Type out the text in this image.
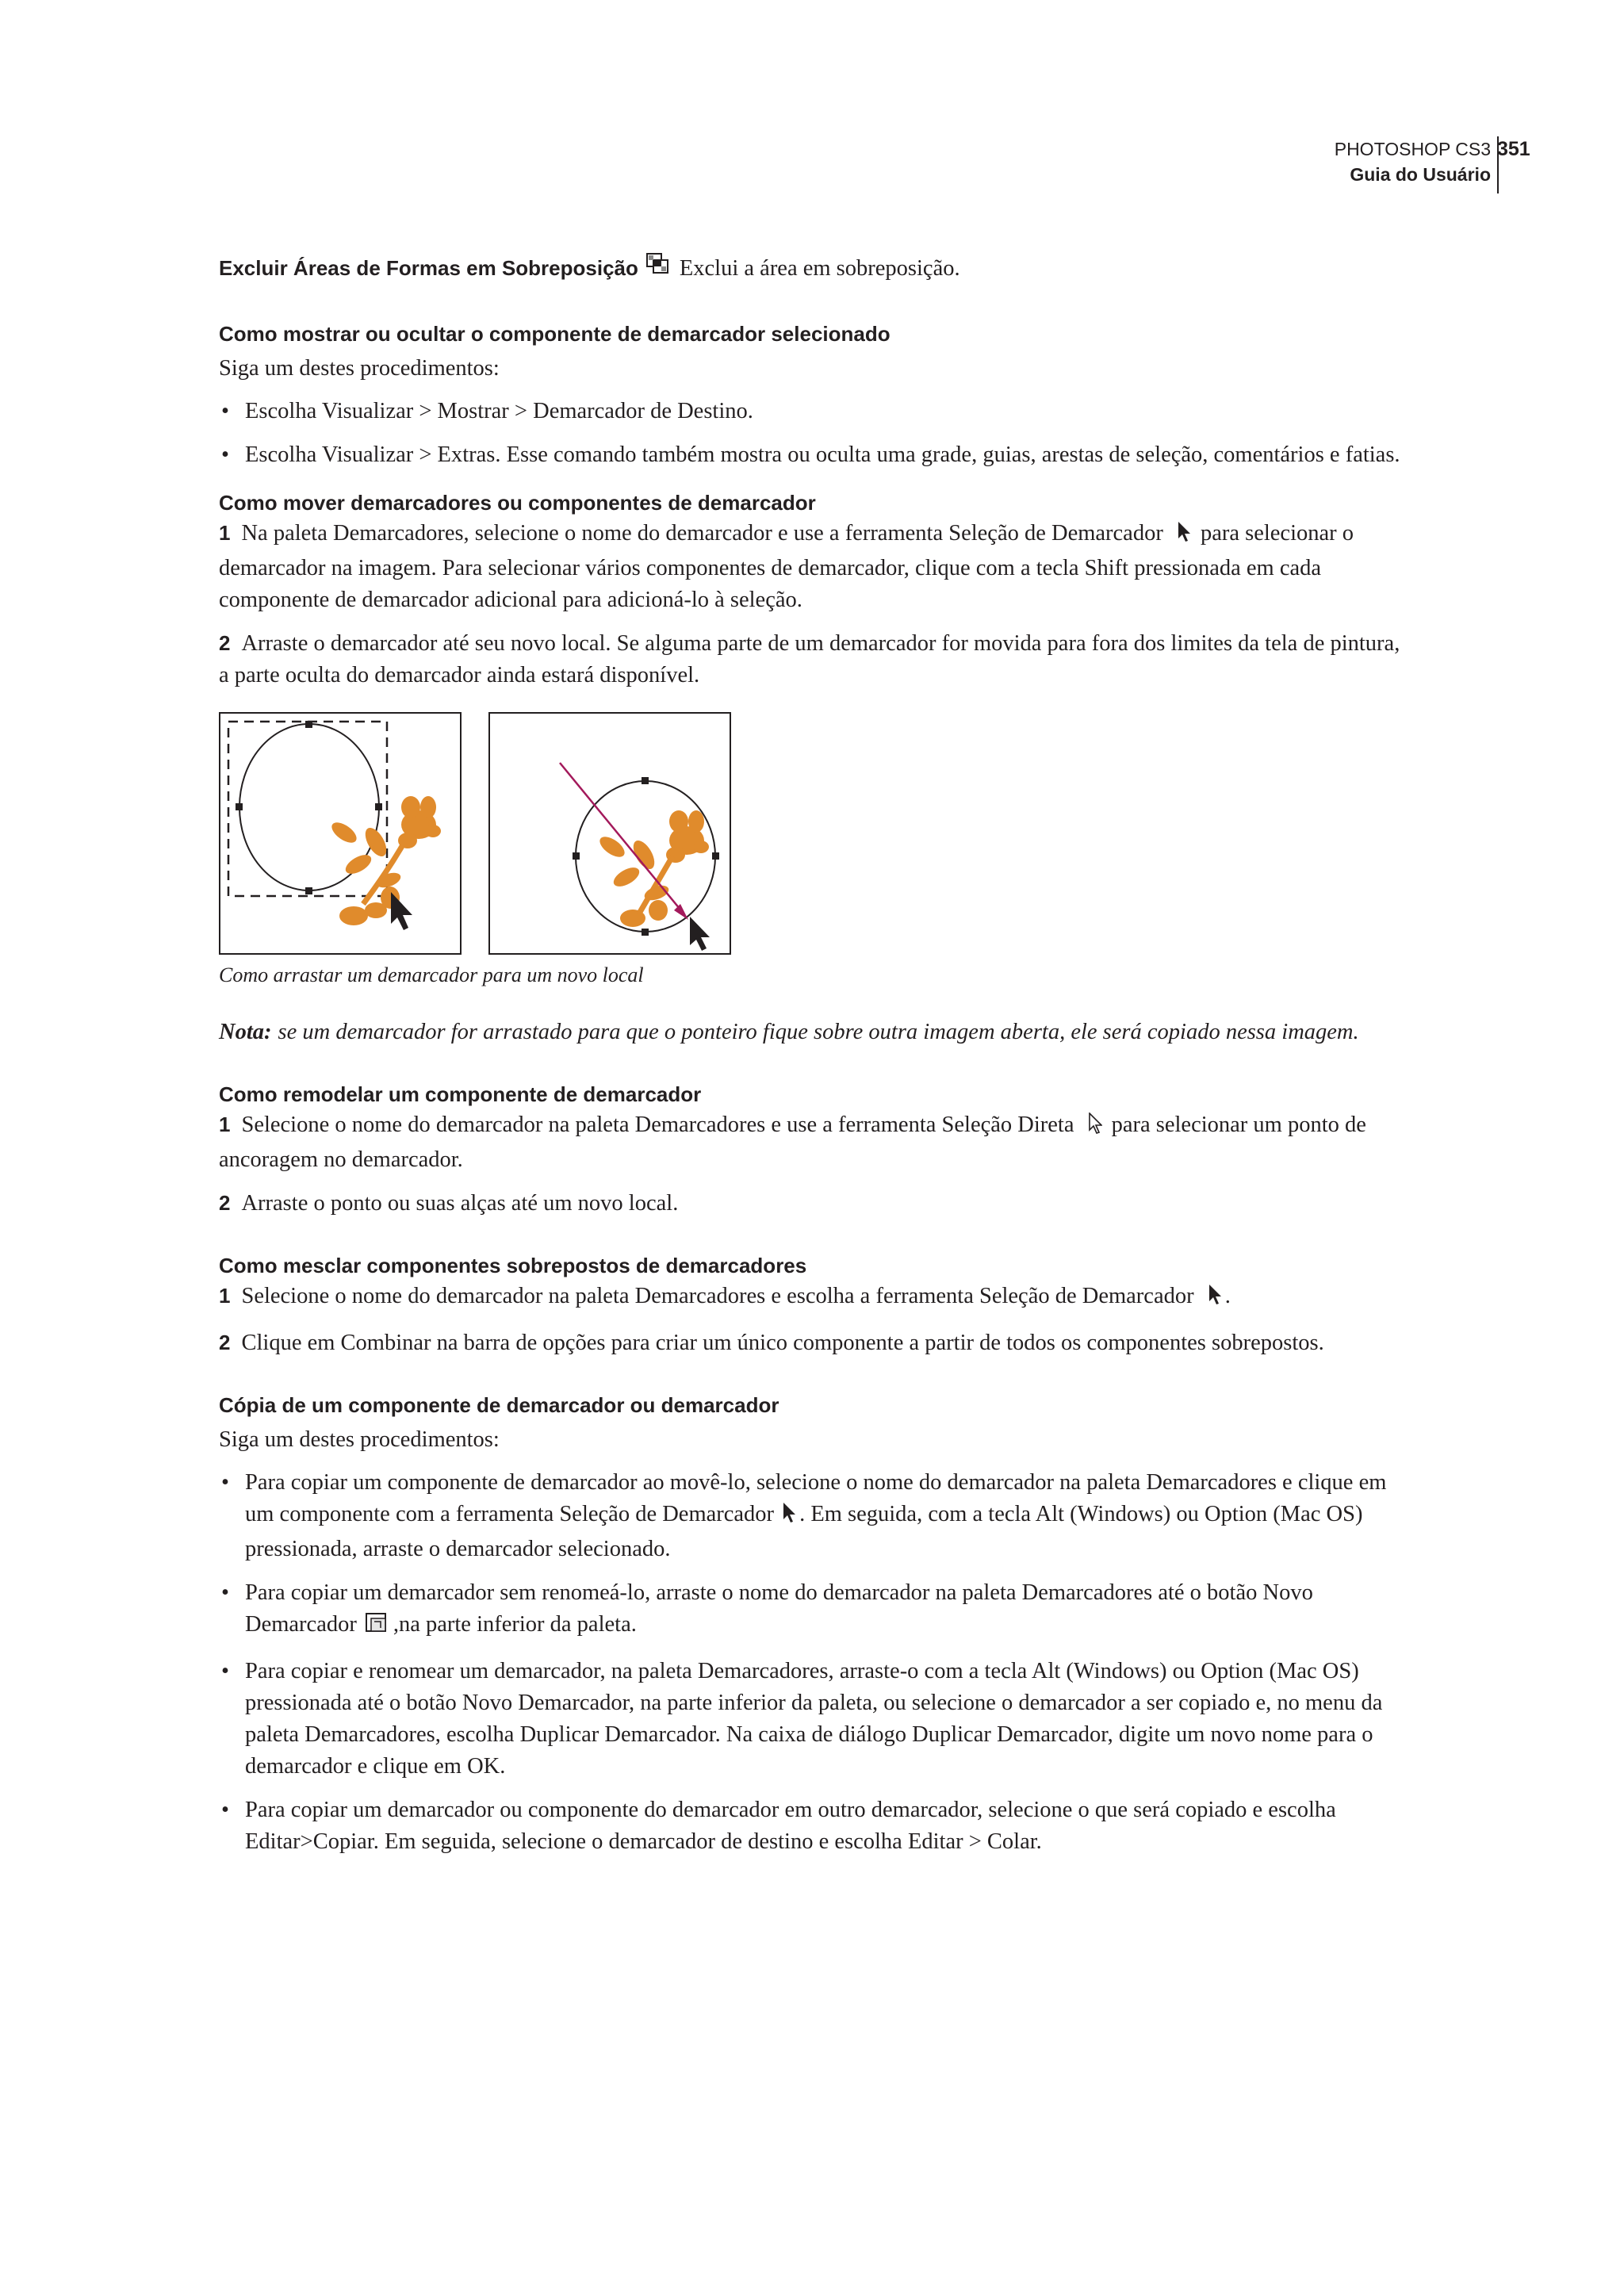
PHOTOSHOP CS3
Guia do Usuário
351
Excluir Áreas de Formas em Sobreposição Exclui a área em sobreposição.
Como mostrar ou ocultar o componente de demarcador selecionado

Siga um destes procedimentos:

• Escolha Visualizar > Mostrar > Demarcador de Destino.
• Escolha Visualizar > Extras. Esse comando também mostra ou oculta uma grade, guias, arestas de seleção, comentários e fatias.
Como mover demarcadores ou componentes de demarcador

1 Na paleta Demarcadores, selecione o nome do demarcador e use a ferramenta Seleção de Demarcador para selecionar o demarcador na imagem. Para selecionar vários componentes de demarcador, clique com a tecla Shift pressionada em cada componente de demarcador adicional para adicioná-lo à seleção.

2 Arraste o demarcador até seu novo local. Se alguma parte de um demarcador for movida para fora dos limites da tela de pintura, a parte oculta do demarcador ainda estará disponível.

Como arrastar um demarcador para um novo local

Nota: se um demarcador for arrastado para que o ponteiro fique sobre outra imagem aberta, ele será copiado nessa imagem.

Como remodelar um componente de demarcador

1 Selecione o nome do demarcador na paleta Demarcadores e use a ferramenta Seleção Direta para selecionar um ponto de ancoragem no demarcador.

2 Arraste o ponto ou suas alças até um novo local.

Como mesclar componentes sobrepostos de demarcadores

1 Selecione o nome do demarcador na paleta Demarcadores e escolha a ferramenta Seleção de Demarcador .

2 Clique em Combinar na barra de opções para criar um único componente a partir de todos os componentes sobrepostos.

Cópia de um componente de demarcador ou demarcador

Siga um destes procedimentos:

• Para copiar um componente de demarcador ao movê-lo, selecione o nome do demarcador na paleta Demarcadores e clique em um componente com a ferramenta Seleção de Demarcador . Em seguida, com a tecla Alt (Windows) ou Option (Mac OS) pressionada, arraste o demarcador selecionado.
• Para copiar um demarcador sem renomeá-lo, arraste o nome do demarcador na paleta Demarcadores até o botão Novo Demarcador ,na parte inferior da paleta.
• Para copiar e renomear um demarcador, na paleta Demarcadores, arraste-o com a tecla Alt (Windows) ou Option (Mac OS) pressionada até o botão Novo Demarcador, na parte inferior da paleta, ou selecione o demarcador a ser copiado e, no menu da paleta Demarcadores, escolha Duplicar Demarcador. Na caixa de diálogo Duplicar Demarcador, digite um novo nome para o demarcador e clique em OK.
• Para copiar um demarcador ou componente do demarcador em outro demarcador, selecione o que será copiado e escolha Editar>Copiar. Em seguida, selecione o demarcador de destino e escolha Editar > Colar.
